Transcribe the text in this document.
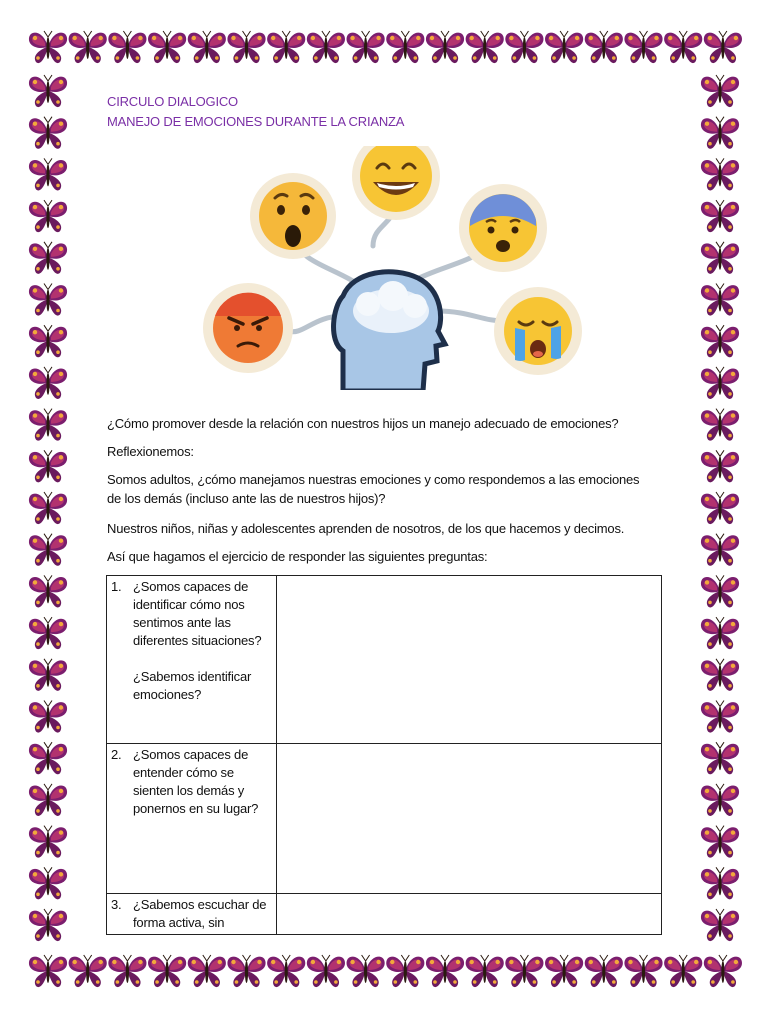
CIRCULO DIALOGICO
MANEJO DE EMOCIONES DURANTE LA CRIANZA
¿Cómo promover desde la relación con nuestros hijos un manejo adecuado de emociones?
Reflexionemos:
Somos adultos, ¿cómo manejamos nuestras emociones y como respondemos a las emociones
de los demás (incluso ante las de nuestros hijos)?
Nuestros niños, niñas y adolescentes aprenden de nosotros, de los que hacemos y decimos.
Así que hagamos el ejercicio de responder las siguientes preguntas:
1. ¿Somos capaces de identificar cómo nos sentimos ante las diferentes situaciones?
¿Sabemos identificar emociones?	
2. ¿Somos capaces de entender cómo se sienten los demás y ponernos en su lugar?	
3. ¿Sabemos escuchar de forma activa, sin	
